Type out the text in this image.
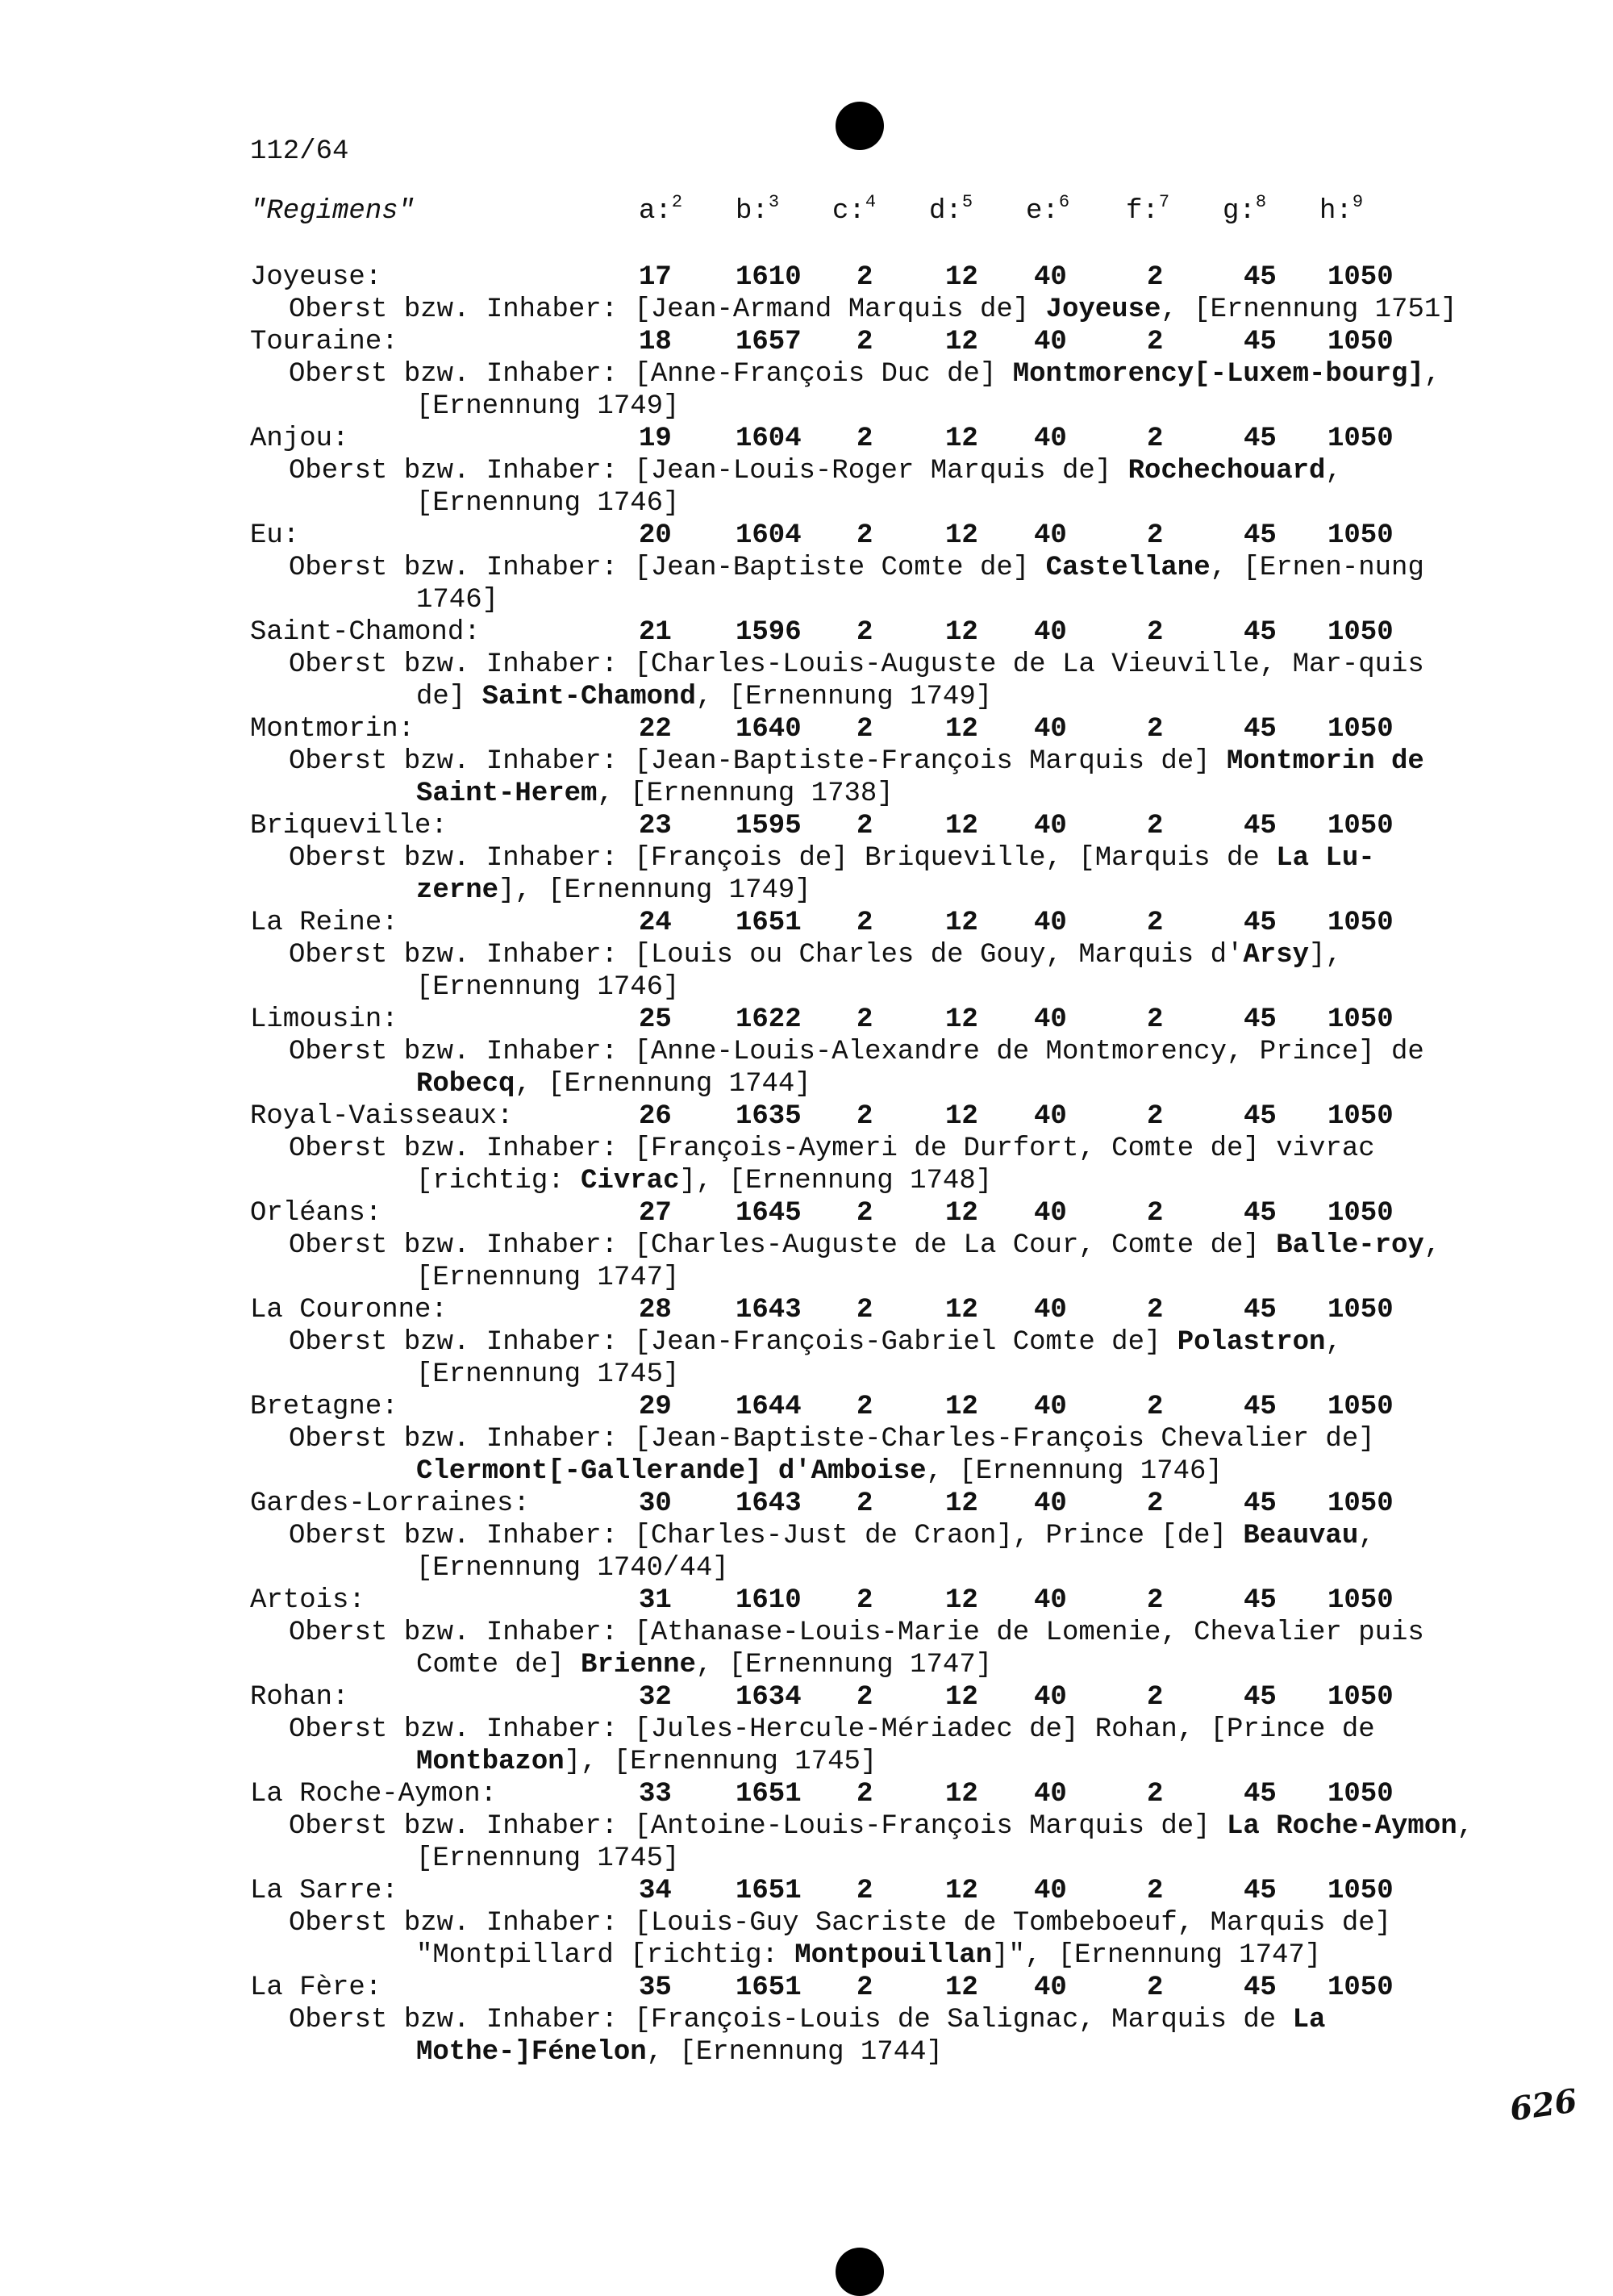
112/64
"Regimens"	a:$^2$ b:$^3$ c:$^4$ d:$^5$ e:$^6$ f:$^7$ g:$^8$ h:$^9$
Joyeuse:	17 1610 2	12 40	2	45 1050
Oberst bzw. Inhaber: [Jean-Armand Marquis de] Joyeuse, [Ernennung 1751]
Touraine:	18 1657 2	12 40	2	45 1050
Oberst bzw. Inhaber: [Anne-François Duc de] Montmorency[-Luxem-bourg], [Ernennung 1749]
Anjou:	19 1604 2	12 40	2	45 1050
Oberst bzw. Inhaber: [Jean-Louis-Roger Marquis de] Rochechouard, [Ernennung 1746]
Eu:	20 1604 2	12 40	2	45 1050
Oberst bzw. Inhaber: [Jean-Baptiste Comte de] Castellane, [Ernen-nung 1746]
Saint-Chamond:	21 1596 2	12 40	2	45 1050
Oberst bzw. Inhaber: [Charles-Louis-Auguste de La Vieuville, Mar-quis de] Saint-Chamond, [Ernennung 1749]
Montmorin:	22 1640 2	12 40	2	45 1050
Oberst bzw. Inhaber: [Jean-Baptiste-François Marquis de] Montmorin de Saint-Herem, [Ernennung 1738]
Briqueville:	23 1595 2	12 40	2	45 1050
Oberst bzw. Inhaber: [François de] Briqueville, [Marquis de La Lu-zerne], [Ernennung 1749]
La Reine:	24 1651 2	12 40	2	45 1050
Oberst bzw. Inhaber: [Louis ou Charles de Gouy, Marquis d'Arsy], [Ernennung 1746]
Limousin:	25 1622 2	12 40	2	45 1050
Oberst bzw. Inhaber: [Anne-Louis-Alexandre de Montmorency, Prince] de Robecq, [Ernennung 1744]
Royal-Vaisseaux:	26 1635 2	12 40	2	45 1050
Oberst bzw. Inhaber: [François-Aymeri de Durfort, Comte de] vivrac [richtig: Civrac], [Ernennung 1748]
Orléans:	27 1645 2	12 40	2	45 1050
Oberst bzw. Inhaber: [Charles-Auguste de La Cour, Comte de] Balle-roy, [Ernennung 1747]
La Couronne:	28 1643 2	12 40	2	45 1050
Oberst bzw. Inhaber: [Jean-François-Gabriel Comte de] Polastron, [Ernennung 1745]
Bretagne:	29 1644 2	12 40	2	45 1050
Oberst bzw. Inhaber: [Jean-Baptiste-Charles-François Chevalier de] Clermont[-Gallerande] d'Amboise, [Ernennung 1746]
Gardes-Lorraines:	30 1643 2	12 40	2	45 1050
Oberst bzw. Inhaber: [Charles-Just de Craon], Prince [de] Beauvau, [Ernennung 1740/44]
Artois:	31 1610 2	12 40	2	45 1050
Oberst bzw. Inhaber: [Athanase-Louis-Marie de Lomenie, Chevalier puis Comte de] Brienne, [Ernennung 1747]
Rohan:	32 1634 2	12 40	2	45 1050
Oberst bzw. Inhaber: [Jules-Hercule-Mériadec de] Rohan, [Prince de Montbazon], [Ernennung 1745]
La Roche-Aymon:	33 1651 2	12 40	2	45 1050
Oberst bzw. Inhaber: [Antoine-Louis-François Marquis de] La Roche-Aymon, [Ernennung 1745]
La Sarre:	34 1651 2	12 40	2	45 1050
Oberst bzw. Inhaber: [Louis-Guy Sacriste de Tombeboeuf, Marquis de] "Montpillard [richtig: Montpouillan]", [Ernennung 1747]
La Fère:	35 1651 2	12 40	2	45 1050
Oberst bzw. Inhaber: [François-Louis de Salignac, Marquis de La Mothe-]Fénelon, [Ernennung 1744]
626
